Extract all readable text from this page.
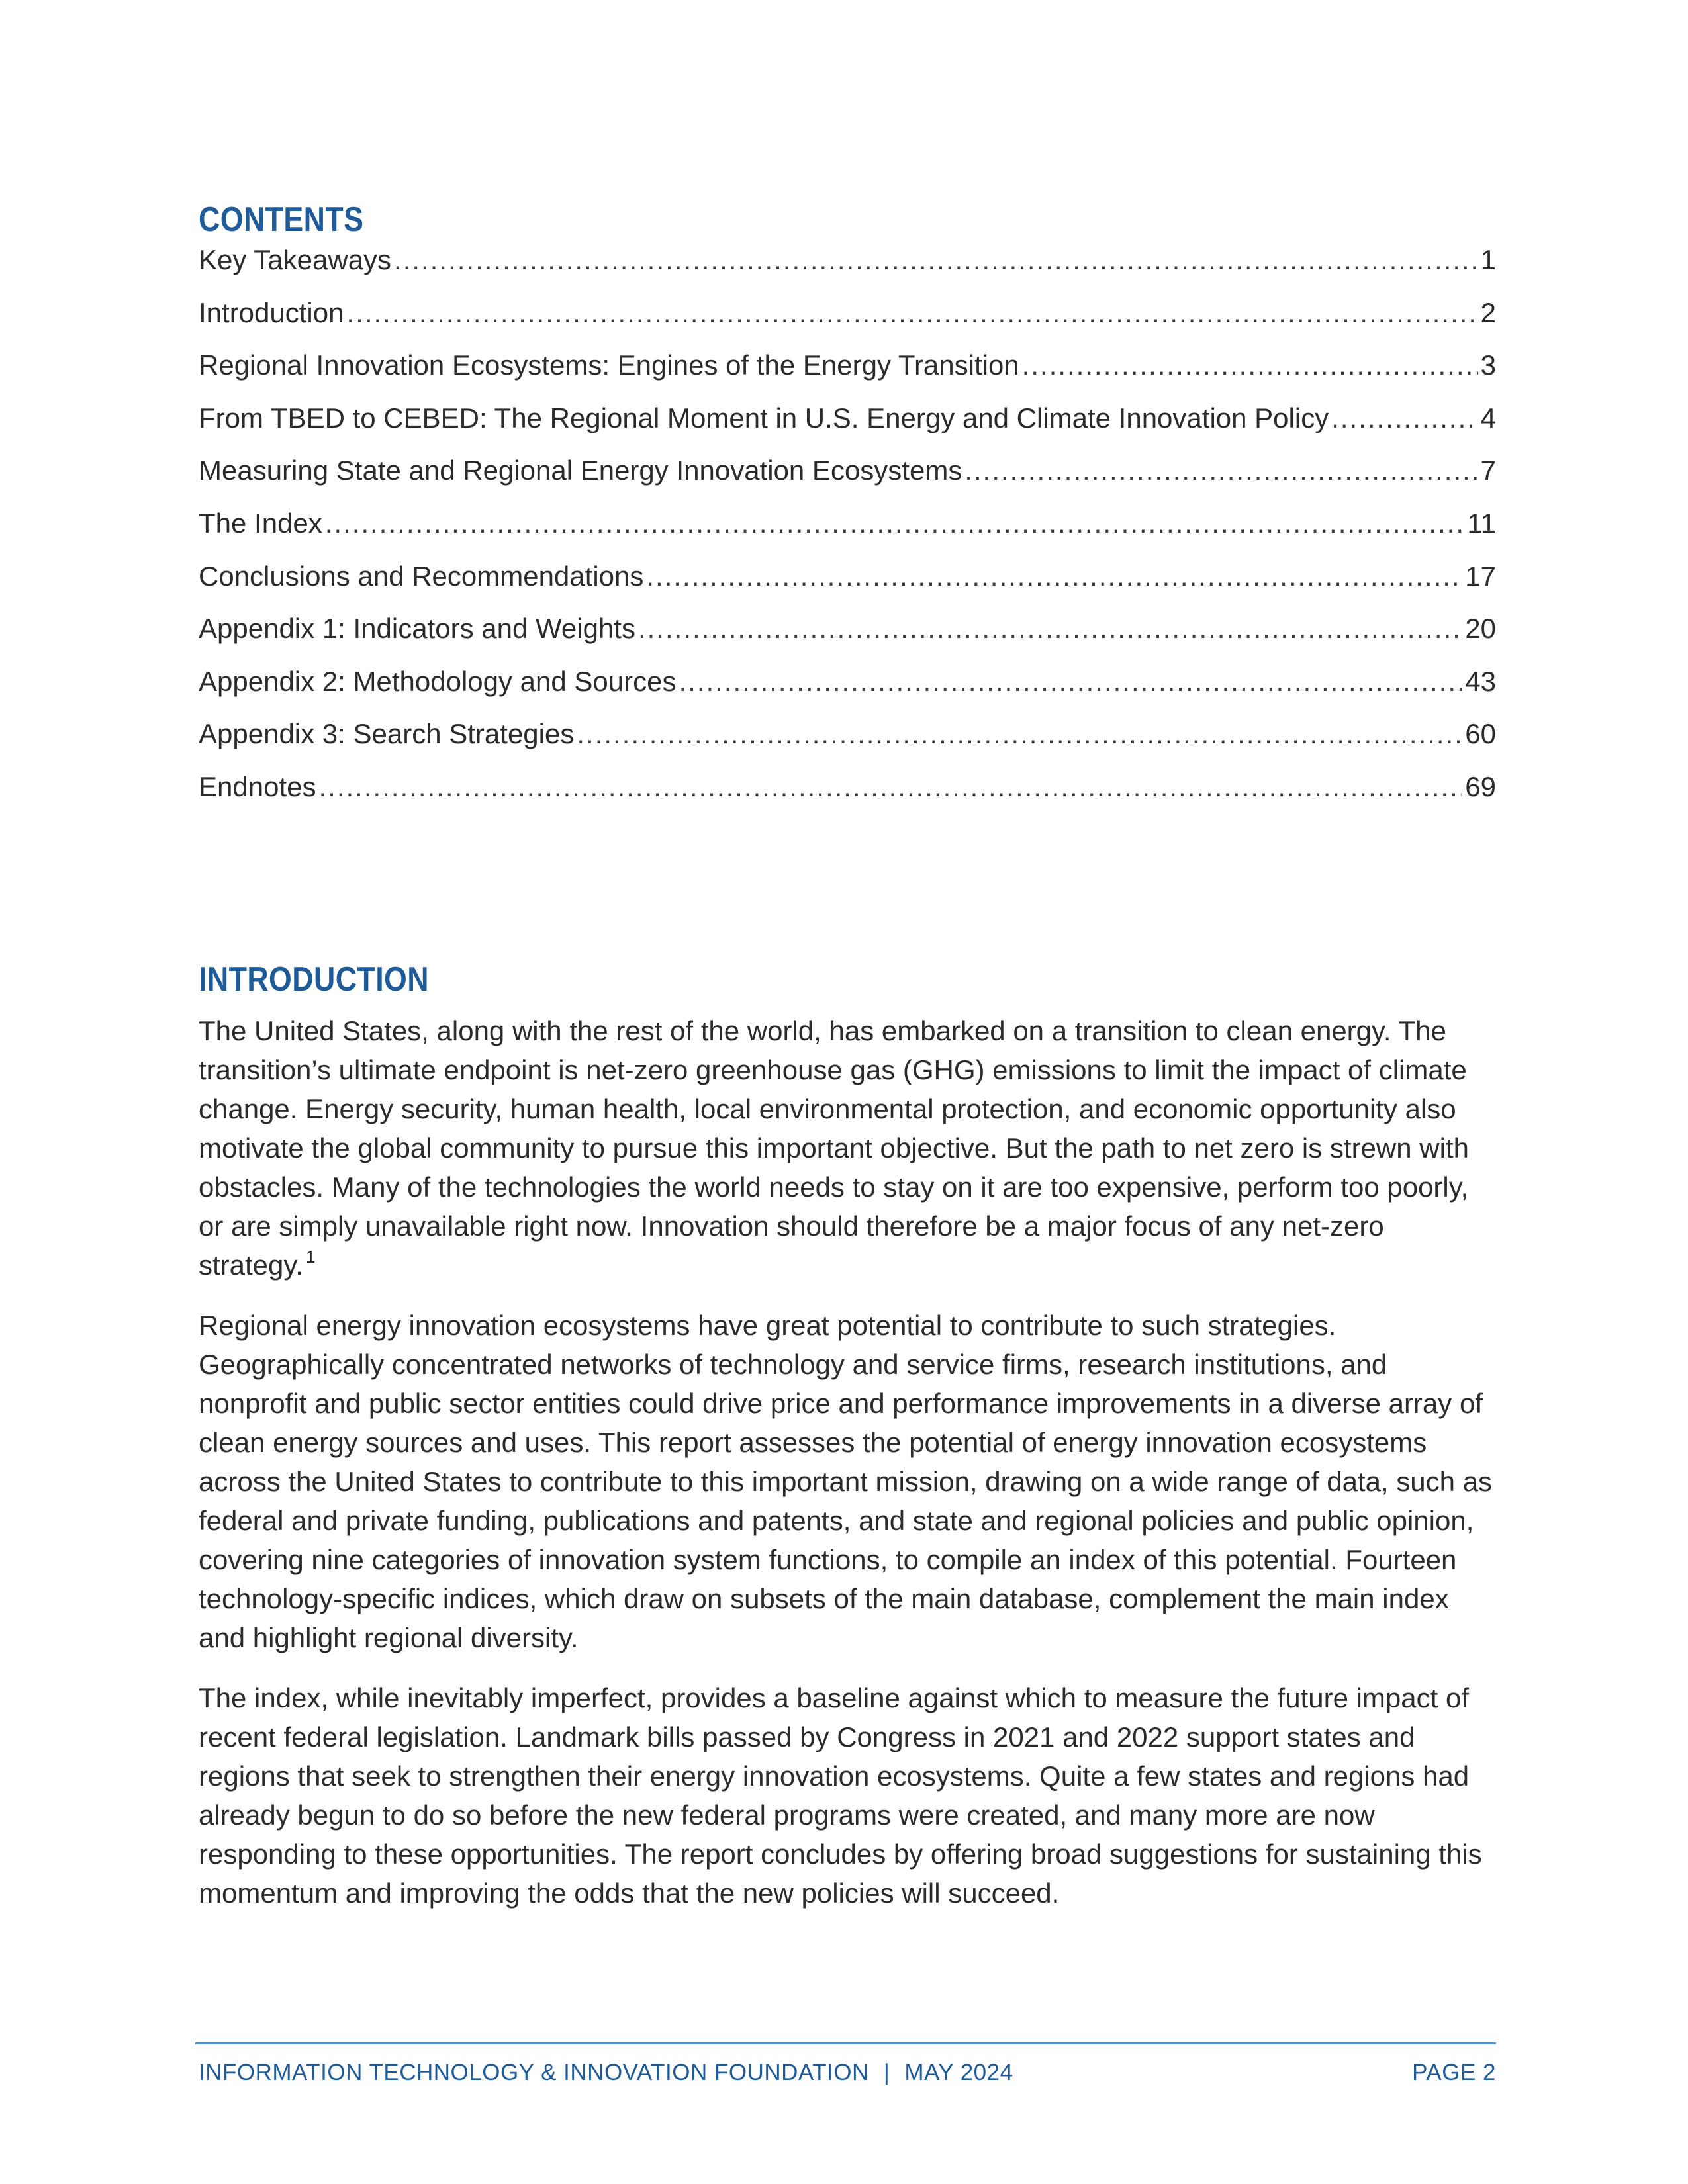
CONTENTS
Key Takeaways .....	1
Introduction .....	2
Regional Innovation Ecosystems: Engines of the Energy Transition .....	3
From TBED to CEBED: The Regional Moment in U.S. Energy and Climate Innovation Policy .....	4
Measuring State and Regional Energy Innovation Ecosystems .....	7
The Index .....	11
Conclusions and Recommendations .....	17
Appendix 1: Indicators and Weights .....	20
Appendix 2: Methodology and Sources .....	43
Appendix 3: Search Strategies .....	60
Endnotes .....	69
INTRODUCTION

The United States, along with the rest of the world, has embarked on a transition to clean energy. The transition’s ultimate endpoint is net-zero greenhouse gas (GHG) emissions to limit the impact of climate change. Energy security, human health, local environmental protection, and economic opportunity also motivate the global community to pursue this important objective. But the path to net zero is strewn with obstacles. Many of the technologies the world needs to stay on it are too expensive, perform too poorly, or are simply unavailable right now. Innovation should therefore be a major focus of any net-zero strategy. $^1$

Regional energy innovation ecosystems have great potential to contribute to such strategies. Geographically concentrated networks of technology and service firms, research institutions, and nonprofit and public sector entities could drive price and performance improvements in a diverse array of clean energy sources and uses. This report assesses the potential of energy innovation ecosystems across the United States to contribute to this important mission, drawing on a wide range of data, such as federal and private funding, publications and patents, and state and regional policies and public opinion, covering nine categories of innovation system functions, to compile an index of this potential. Fourteen technology-specific indices, which draw on subsets of the main database, complement the main index and highlight regional diversity.

The index, while inevitably imperfect, provides a baseline against which to measure the future impact of recent federal legislation. Landmark bills passed by Congress in 2021 and 2022 support states and regions that seek to strengthen their energy innovation ecosystems. Quite a few states and regions had already begun to do so before the new federal programs were created, and many more are now responding to these opportunities. The report concludes by offering broad suggestions for sustaining this momentum and improving the odds that the new policies will succeed.

INFORMATION TECHNOLOGY & INNOVATION FOUNDATION | MAY 2024	PAGE 2
